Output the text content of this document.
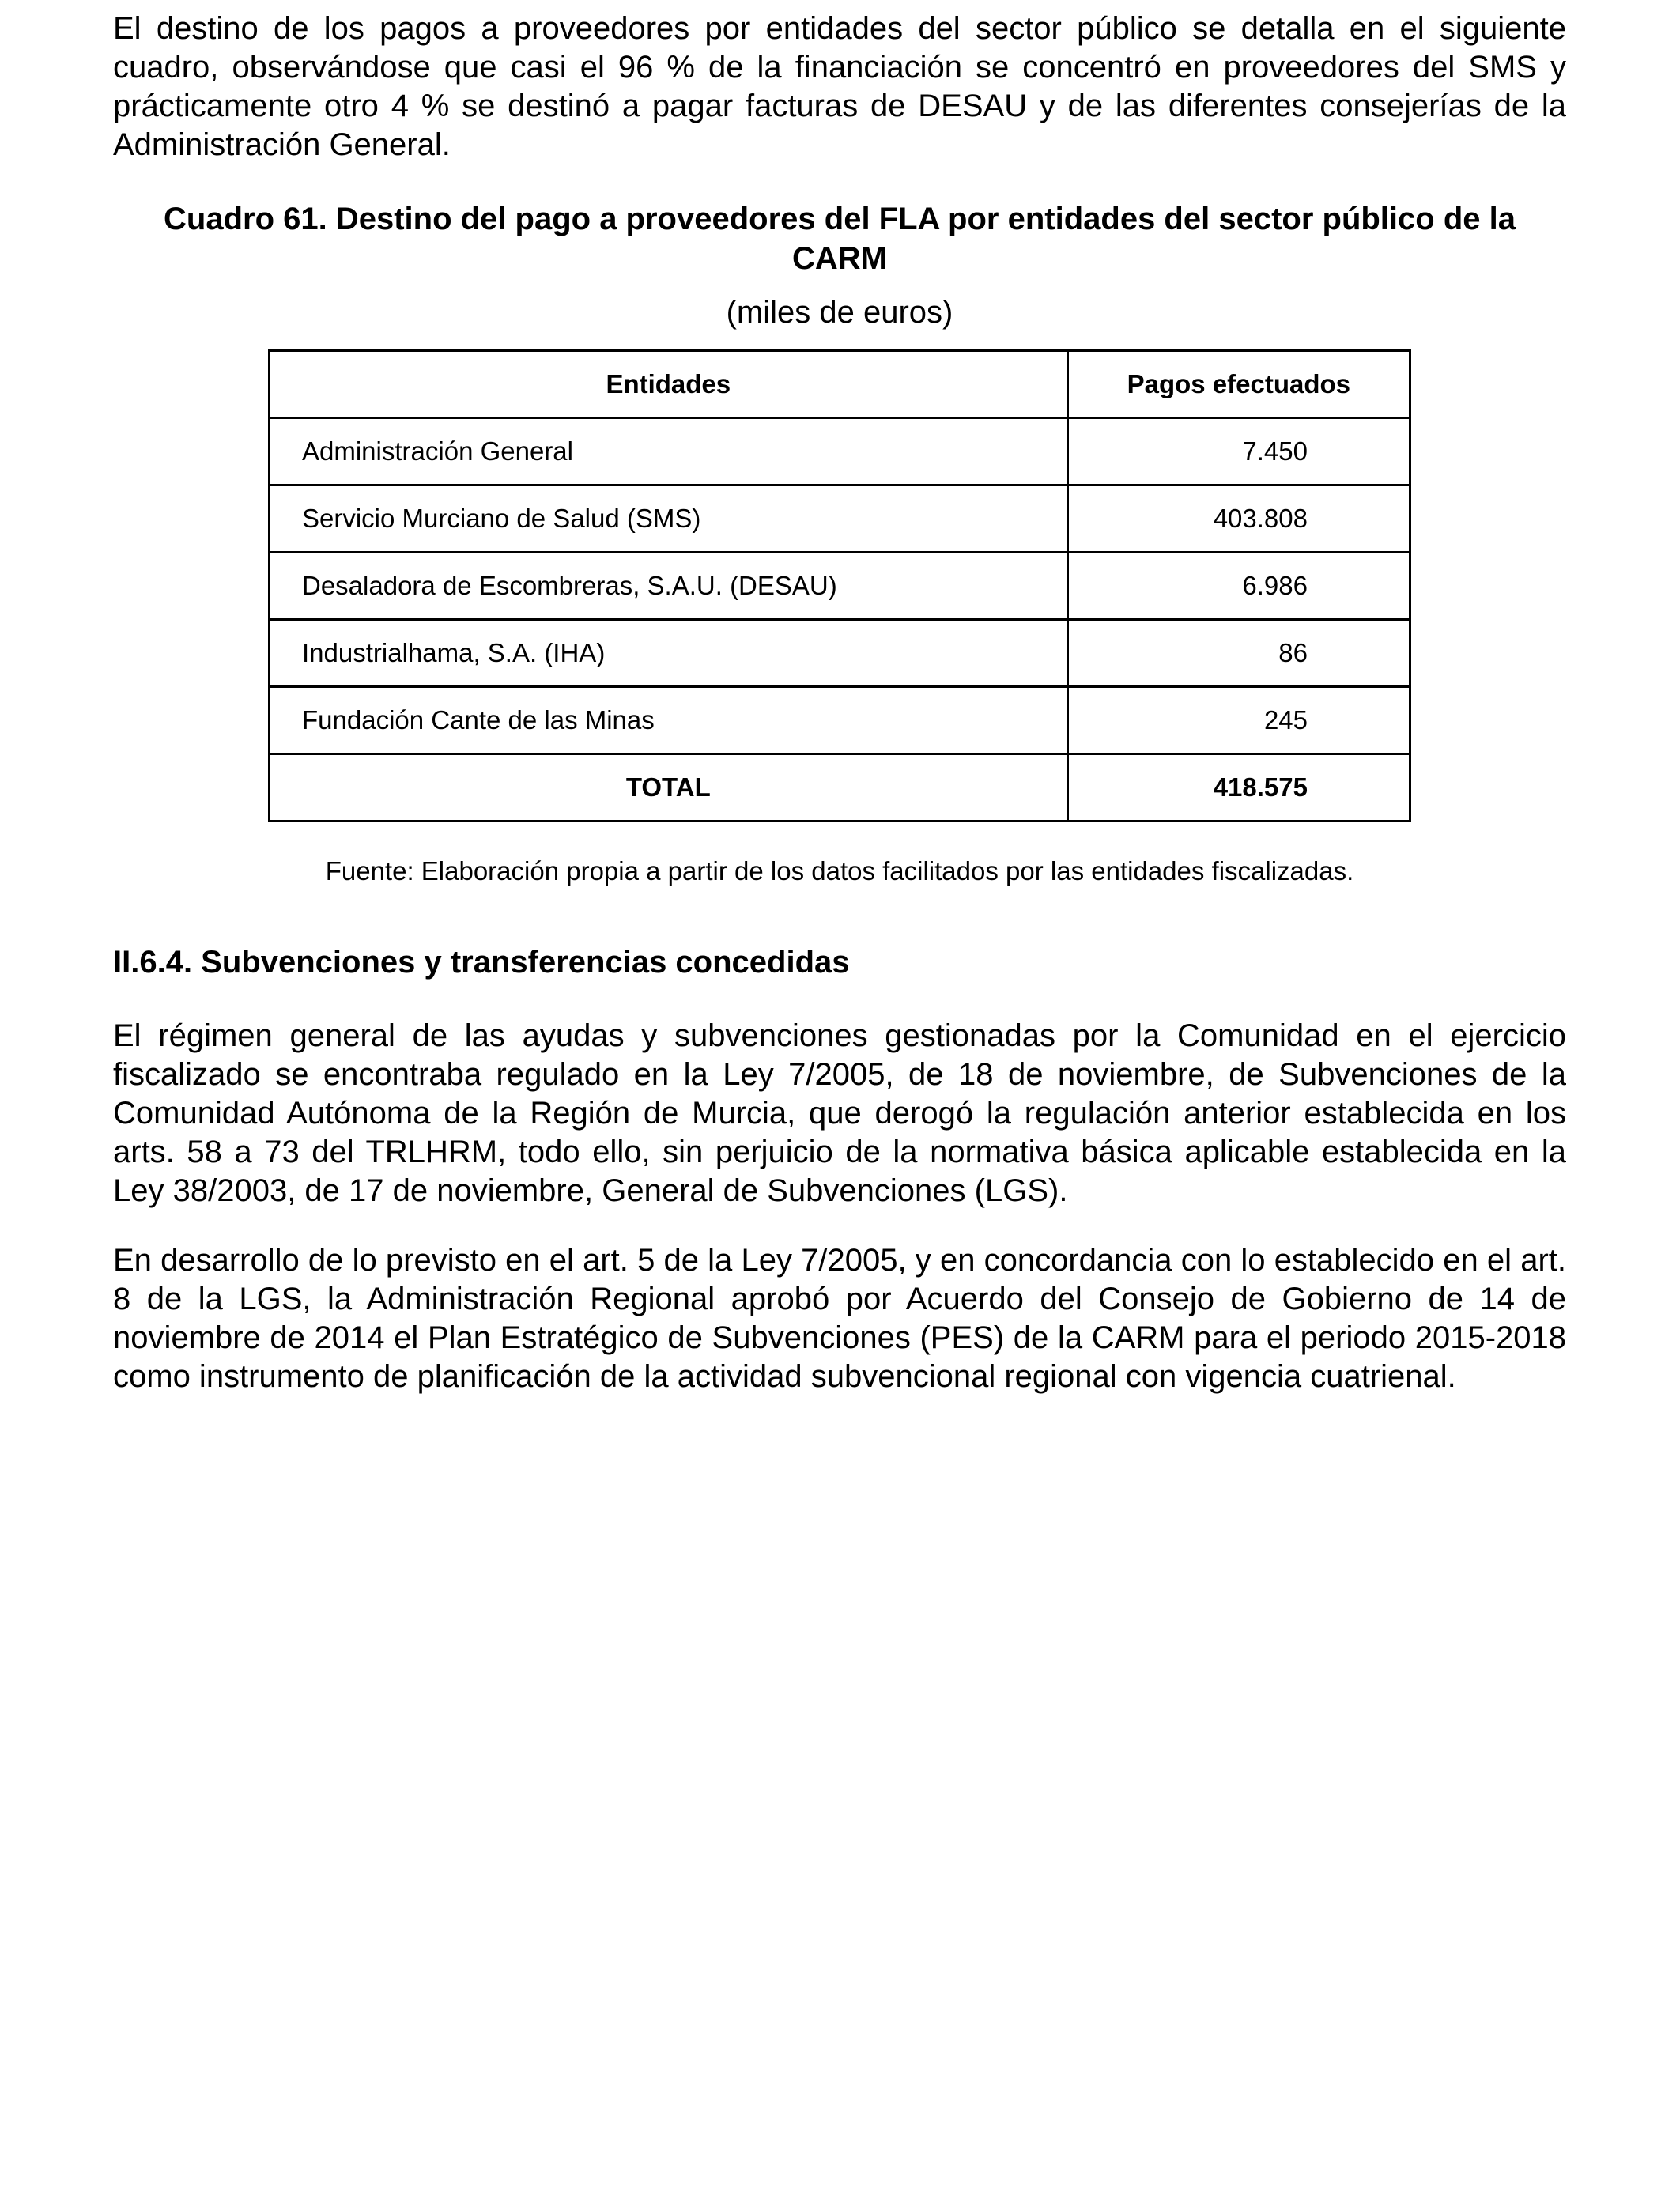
El destino de los pagos a proveedores por entidades del sector público se detalla en el siguiente cuadro, observándose que casi el 96 % de la financiación se concentró en proveedores del SMS y prácticamente otro 4 % se destinó a pagar facturas de DESAU y de las diferentes consejerías de la Administración General.

Cuadro 61. Destino del pago a proveedores del FLA por entidades del sector público de la CARM

(miles de euros)
Entidades	Pagos efectuados
Administración General	7.450
Servicio Murciano de Salud (SMS)	403.808
Desaladora de Escombreras, S.A.U. (DESAU)	6.986
Industrialhama, S.A. (IHA)	86
Fundación Cante de las Minas	245
TOTAL	418.575
Fuente: Elaboración propia a partir de los datos facilitados por las entidades fiscalizadas.
II.6.4. Subvenciones y transferencias concedidas

El régimen general de las ayudas y subvenciones gestionadas por la Comunidad en el ejercicio fiscalizado se encontraba regulado en la Ley 7/2005, de 18 de noviembre, de Subvenciones de la Comunidad Autónoma de la Región de Murcia, que derogó la regulación anterior establecida en los arts. 58 a 73 del TRLHRM, todo ello, sin perjuicio de la normativa básica aplicable establecida en la Ley 38/2003, de 17 de noviembre, General de Subvenciones (LGS).

En desarrollo de lo previsto en el art. 5 de la Ley 7/2005, y en concordancia con lo establecido en el art. 8 de la LGS, la Administración Regional aprobó por Acuerdo del Consejo de Gobierno de 14 de noviembre de 2014 el Plan Estratégico de Subvenciones (PES) de la CARM para el periodo 2015-2018 como instrumento de planificación de la actividad subvencional regional con vigencia cuatrienal.
